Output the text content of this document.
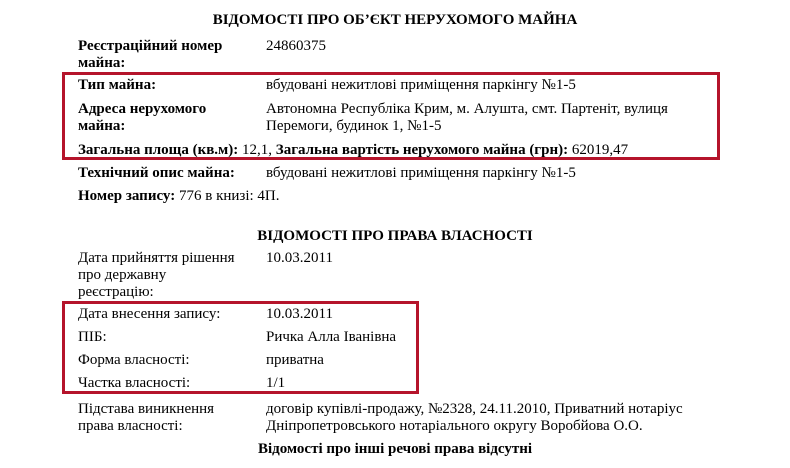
ВІДОМОСТІ ПРО ОБ’ЄКТ НЕРУХОМОГО МАЙНА
Реєстраційний номер
майна:
24860375
Тип майна:	вбудовані нежитлові приміщення паркінгу №1-5
Адреса нерухомого
майна:
Автономна Республіка Крим, м. Алушта, смт. Партеніт, вулиця
Перемоги, будинок 1, №1-5
Загальна площа (кв.м): 12,1, Загальна вартість нерухомого майна (грн): 62019,47
Технічний опис майна: вбудовані нежитлові приміщення паркінгу №1-5
Номер запису: 776 в книзі: 4П.
ВІДОМОСТІ ПРО ПРАВА ВЛАСНОСТІ
Дата прийняття рішення
про державну
реєстрацію:
10.03.2011
Дата внесення запису:	10.03.2011
ПІБ:	Ричка Алла Іванівна
Форма власності:	приватна
Частка власності:	1/1
Підстава виникнення
права власності:
договір купівлі-продажу, №2328, 24.11.2010, Приватний нотаріус
Дніпропетровського нотаріального округу Воробйова О.О.
Відомості про інші речові права відсутні
